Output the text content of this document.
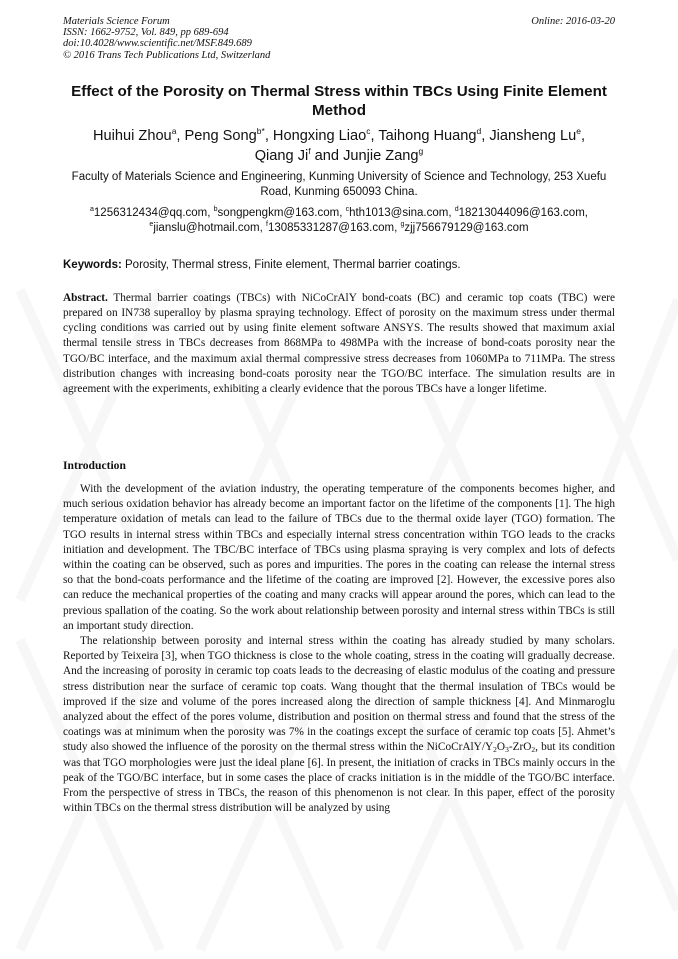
Materials Science Forum
ISSN: 1662-9752, Vol. 849, pp 689-694
doi:10.4028/www.scientific.net/MSF.849.689
© 2016 Trans Tech Publications Ltd, Switzerland
Online: 2016-03-20
Effect of the Porosity on Thermal Stress within TBCs Using Finite Element Method
Huihui Zhou$^a$, Peng Song$^{b*}$, Hongxing Liao$^c$, Taihong Huang$^d$, Jiansheng Lu$^e$,
Qiang Ji$^f$ and Junjie Zang$^g$
Faculty of Materials Science and Engineering, Kunming University of Science and Technology, 253 Xuefu Road, Kunming 650093 China.
$^a$1256312434@qq.com, $^b$songpengkm@163.com, $^c$hth1013@sina.com, $^d$18213044096@163.com,
$^e$jianslu@hotmail.com, $^f$13085331287@163.com, $^g$zjj756679129@163.com
Keywords: Porosity, Thermal stress, Finite element, Thermal barrier coatings.

Abstract. Thermal barrier coatings (TBCs) with NiCoCrAlY bond-coats (BC) and ceramic top coats (TBC) were prepared on IN738 superalloy by plasma spraying technology. Effect of porosity on the maximum stress under thermal cycling conditions was carried out by using finite element software ANSYS. The results showed that maximum axial thermal tensile stress in TBCs decreases from 868MPa to 498MPa with the increase of bond-coats porosity near the TGO/BC interface, and the maximum axial thermal compressive stress decreases from 1060MPa to 711MPa. The stress distribution changes with increasing bond-coats porosity near the TGO/BC interface. The simulation results are in agreement with the experiments, exhibiting a clearly evidence that the porous TBCs have a longer lifetime.

Introduction

With the development of the aviation industry, the operating temperature of the components becomes higher, and much serious oxidation behavior has already become an important factor on the lifetime of the components [1]. The high temperature oxidation of metals can lead to the failure of TBCs due to the thermal oxide layer (TGO) formation. The TGO results in internal stress within TBCs and especially internal stress concentration within TGO leads to the cracks initiation and development. The TBC/BC interface of TBCs using plasma spraying is very complex and lots of defects within the coating can be observed, such as pores and impurities. The pores in the coating can release the internal stress so that the bond-coats performance and the lifetime of the coating are improved [2]. However, the excessive pores also can reduce the mechanical properties of the coating and many cracks will appear around the pores, which can lead to the previous spallation of the coating. So the work about relationship between porosity and internal stress within TBCs is still an important study direction.

The relationship between porosity and internal stress within the coating has already studied by many scholars. Reported by Teixeira [3], when TGO thickness is close to the whole coating, stress in the coating will gradually decrease. And the increasing of porosity in ceramic top coats leads to the decreasing of elastic modulus of the coating and pressure stress distribution near the surface of ceramic top coats. Wang thought that the thermal insulation of TBCs would be improved if the size and volume of the pores increased along the direction of sample thickness [4]. And Minmaroglu analyzed about the effect of the pores volume, distribution and position on thermal stress and found that the stress of the coatings was at minimum when the porosity was 7% in the coatings except the surface of ceramic top coats [5]. Ahmet’s study also showed the influence of the porosity on the thermal stress within the NiCoCrAlY/$Y_2O_3-ZrO_2$, but its condition was that TGO morphologies were just the ideal plane [6]. In present, the initiation of cracks in TBCs mainly occurs in the peak of the TGO/BC interface, but in some cases the place of cracks initiation is in the middle of the TGO/BC interface. From the perspective of stress in TBCs, the reason of this phenomenon is not clear. In this paper, effect of the porosity within TBCs on the thermal stress distribution will be analyzed by using
